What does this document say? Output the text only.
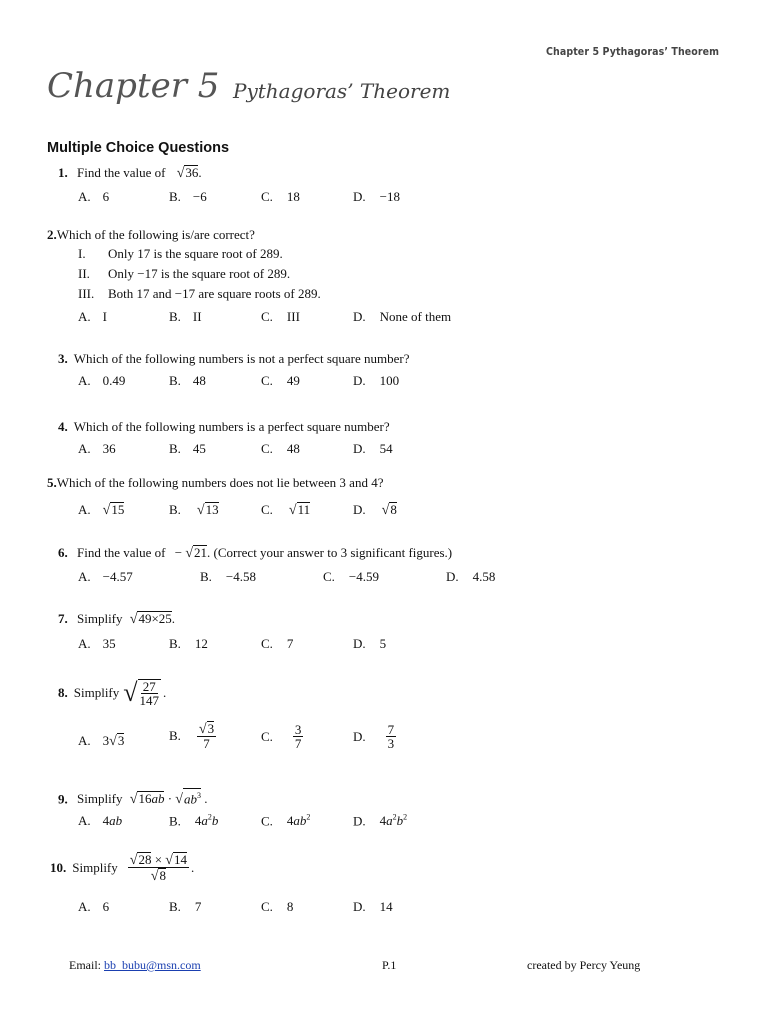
Chapter 5 Pythagoras’ Theorem
Chapter 5 Pythagoras’ Theorem
Multiple Choice Questions
1. Find the value of √36.
A. 6	B. −6	C. 18	D. −18
2.Which of the following is/are correct?
I. Only 17 is the square root of 289.
II. Only −17 is the square root of 289.
III. Both 17 and −17 are square roots of 289.
A. I	B. II	C. III	D. None of them
3. Which of the following numbers is not a perfect square number?
A. 0.49	B. 48	C. 49	D. 100
4. Which of the following numbers is a perfect square number?
A. 36	B. 45	C. 48	D. 54
5.Which of the following numbers does not lie between 3 and 4?
A. √15	B. √13	C. √11	D. √8
6. Find the value of − √21. (Correct your answer to 3 significant figures.)
A. −4.57	B. −4.58	C. −4.59	D. 4.58
7. Simplify √49×25.
A. 35	B. 12	C. 7	D. 5
8. Simplify √ $\frac{27}{147}$ .
A. 3√3	B. $\frac{√3}{7}$	C. $\frac{3}{7}$	D. $\frac{7}{3}$
9. Simplify $√16ab \cdot √ab^3$ .
A. 4ab	B. $4a^2b$	C. $4ab^2$	D. $4a^2b^2$
10. Simplify $\frac{√28 \times √14}{√8}$ .
A. 6	B. 7	C. 8	D. 14
Email: bb_bubu@msn.com	P.1	created by Percy Yeung
